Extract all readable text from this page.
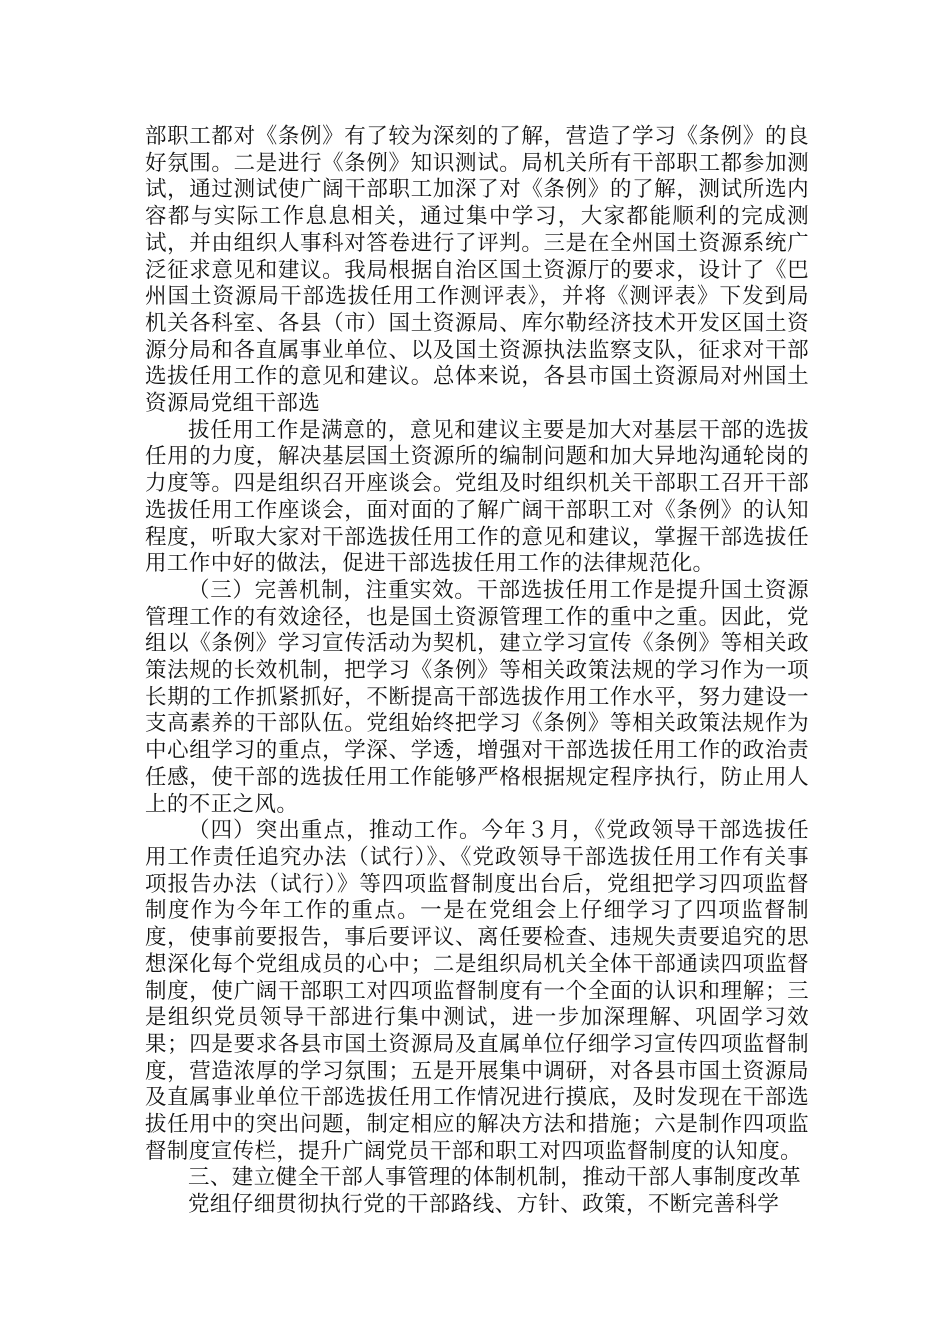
部职工都对《条例》有了较为深刻的了解，营造了学习《条例》的良好氛围。二是进行《条例》知识测试。局机关所有干部职工都参加测试，通过测试使广阔干部职工加深了对《条例》的了解，测试所选内容都与实际工作息息相关，通过集中学习，大家都能顺利的完成测试，并由组织人事科对答卷进行了评判。三是在全州国土资源系统广泛征求意见和建议。我局根据自治区国土资源厅的要求，设计了《巴州国土资源局干部选拔任用工作测评表》，并将《测评表》下发到局机关各科室、各县（市）国土资源局、库尔勒经济技术开发区国土资源分局和各直属事业单位、以及国土资源执法监察支队，征求对干部选拔任用工作的意见和建议。总体来说，各县市国土资源局对州国土资源局党组干部选

拔任用工作是满意的，意见和建议主要是加大对基层干部的选拔任用的力度，解决基层国土资源所的编制问题和加大异地沟通轮岗的力度等。四是组织召开座谈会。党组及时组织机关干部职工召开干部选拔任用工作座谈会，面对面的了解广阔干部职工对《条例》的认知程度，听取大家对干部选拔任用工作的意见和建议，掌握干部选拔任用工作中好的做法，促进干部选拔任用工作的法律规范化。

（三）完善机制，注重实效。干部选拔任用工作是提升国土资源管理工作的有效途径，也是国土资源管理工作的重中之重。因此，党组以《条例》学习宣传活动为契机，建立学习宣传《条例》等相关政策法规的长效机制，把学习《条例》等相关政策法规的学习作为一项长期的工作抓紧抓好，不断提高干部选拔作用工作水平，努力建设一支高素养的干部队伍。党组始终把学习《条例》等相关政策法规作为中心组学习的重点，学深、学透，增强对干部选拔任用工作的政治责任感，使干部的选拔任用工作能够严格根据规定程序执行，防止用人上的不正之风。

（四）突出重点，推动工作。今年３月，《党政领导干部选拔任用工作责任追究办法（试行）》、《党政领导干部选拔任用工作有关事项报告办法（试行）》等四项监督制度出台后，党组把学习四项监督制度作为今年工作的重点。一是在党组会上仔细学习了四项监督制度，使事前要报告，事后要评议、离任要检查、违规失责要追究的思想深化每个党组成员的心中；二是组织局机关全体干部通读四项监督制度，使广阔干部职工对四项监督制度有一个全面的认识和理解；三是组织党员领导干部进行集中测试，进一步加深理解、巩固学习效果；四是要求各县市国土资源局及直属单位仔细学习宣传四项监督制度，营造浓厚的学习氛围；五是开展集中调研，对各县市国土资源局及直属事业单位干部选拔任用工作情况进行摸底，及时发现在干部选拔任用中的突出问题，制定相应的解决方法和措施；六是制作四项监督制度宣传栏，提升广阔党员干部和职工对四项监督制度的认知度。

三、建立健全干部人事管理的体制机制，推动干部人事制度改革

党组仔细贯彻执行党的干部路线、方针、政策，不断完善科学
